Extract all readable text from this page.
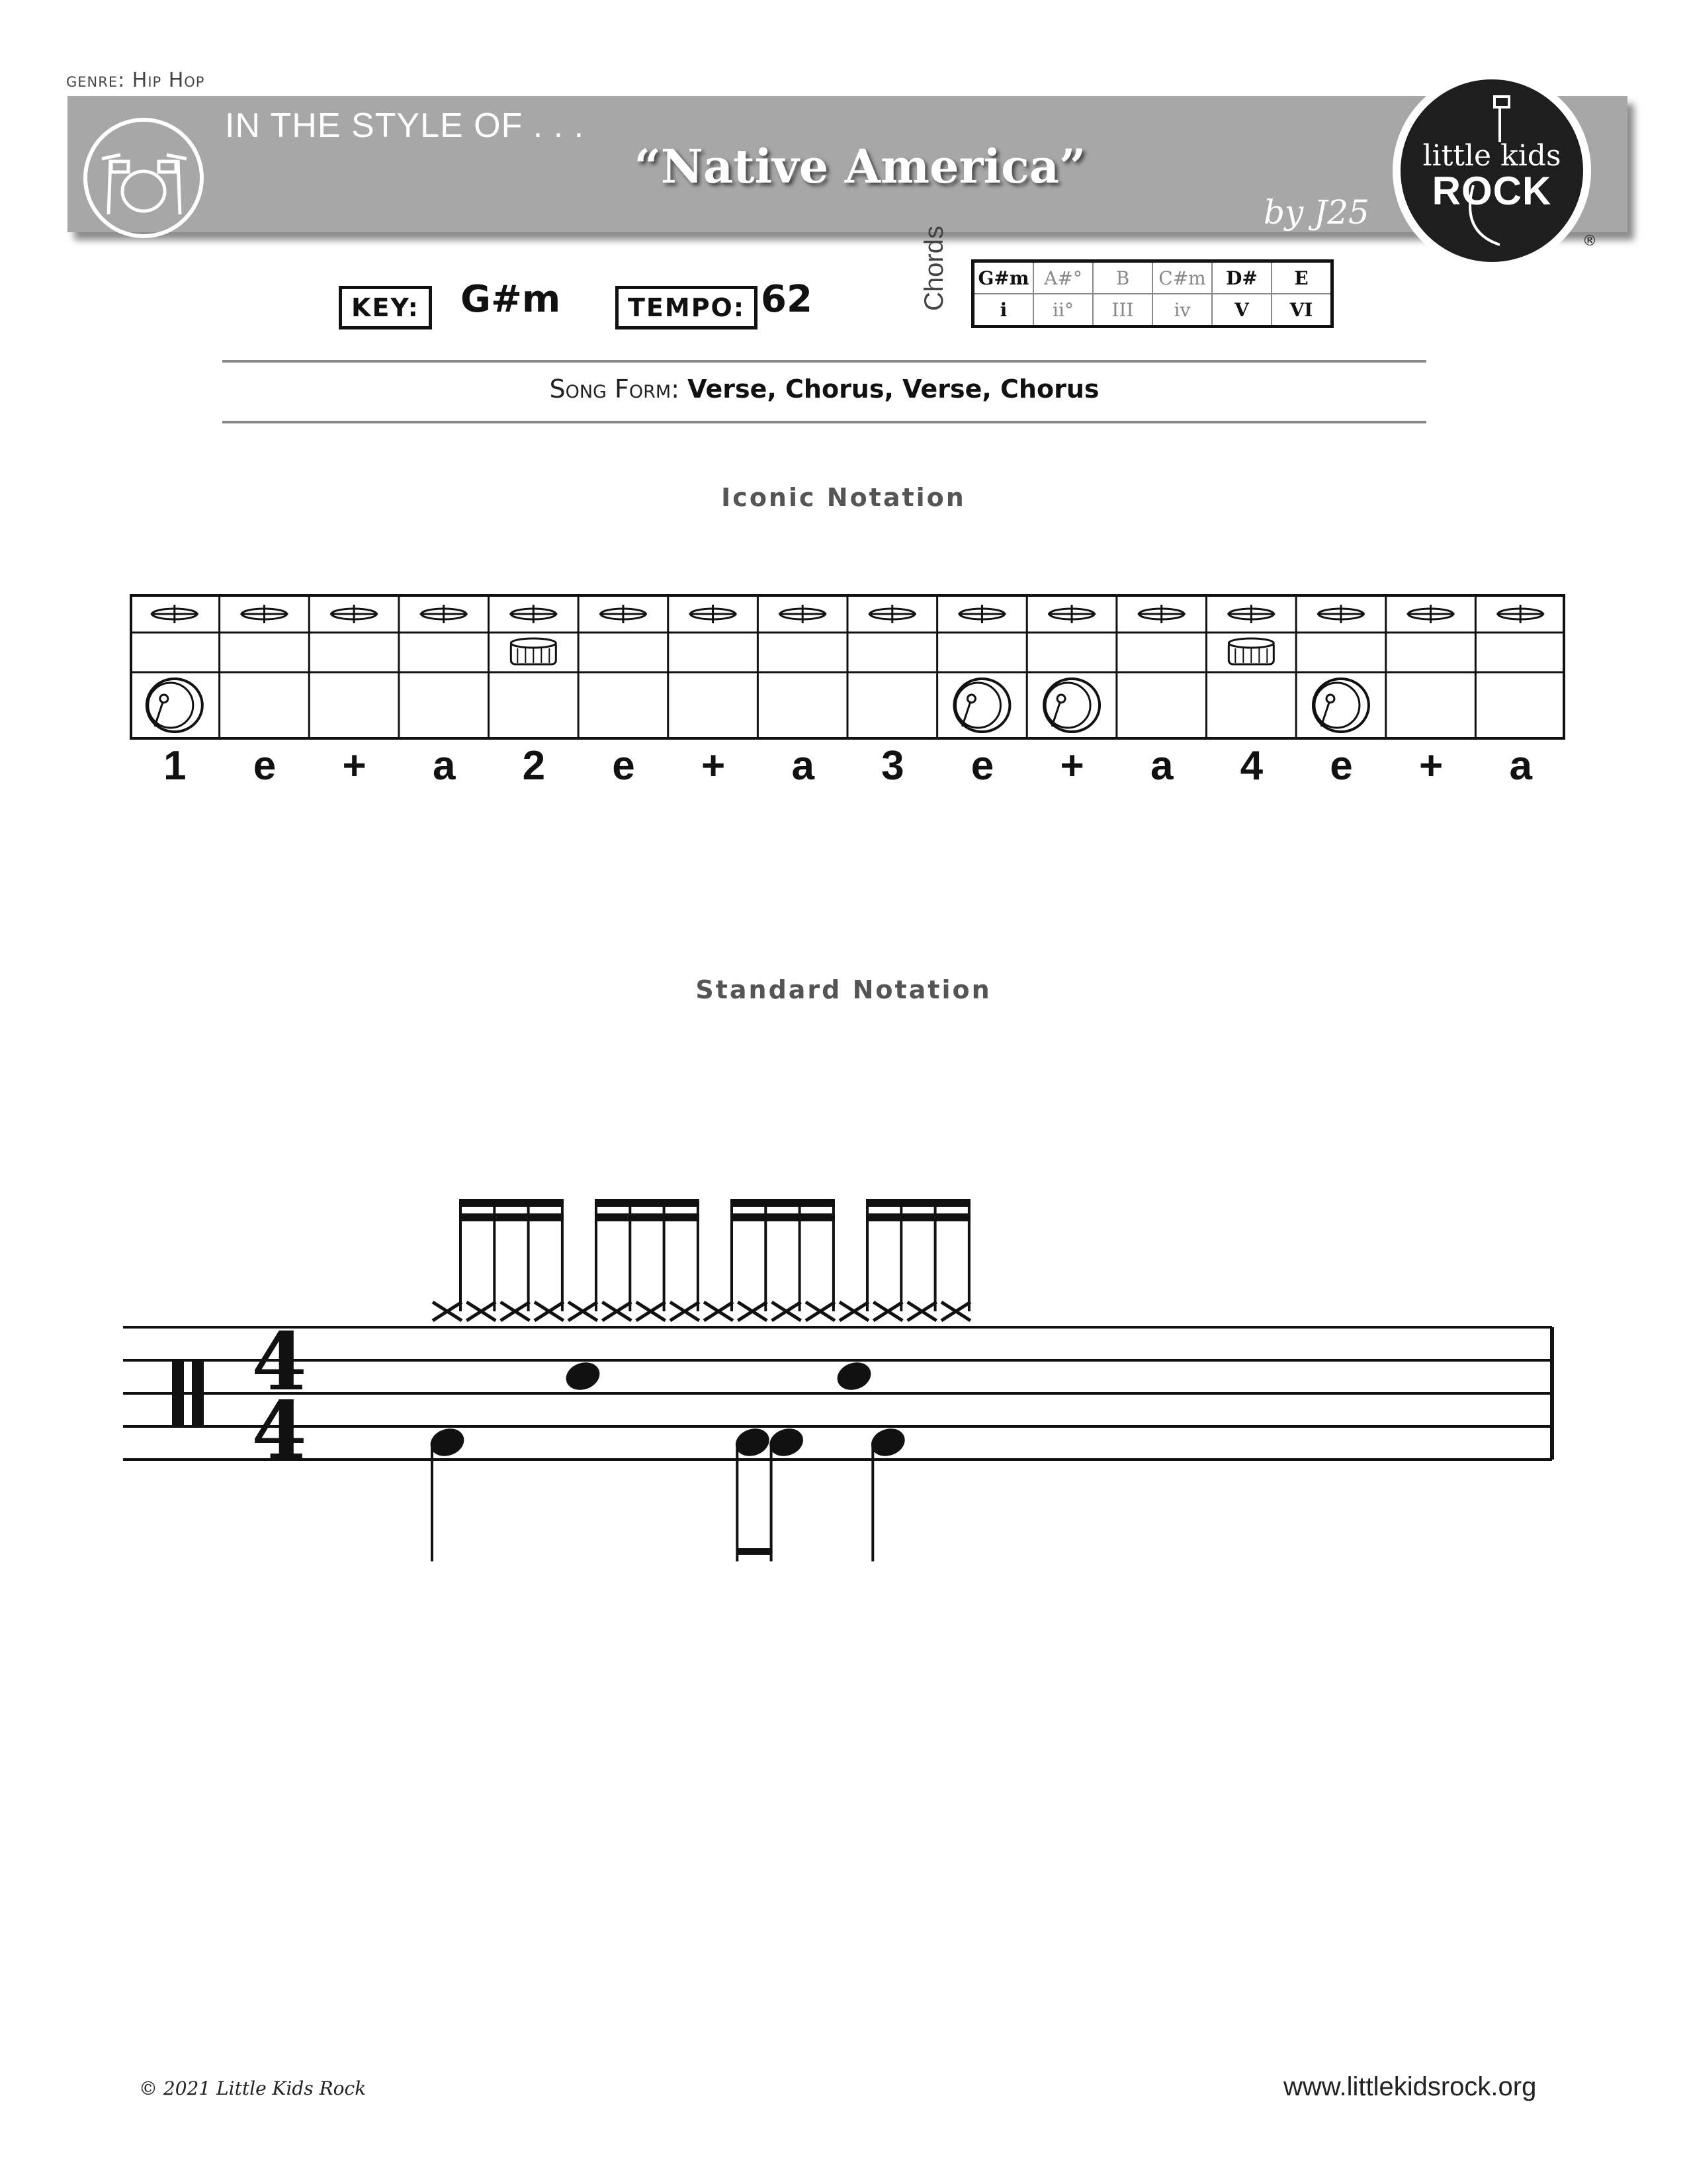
genre: Hip Hop
IN THE STYLE OF . . .
“Native America”
by J25
little kids
ROCK
®
KEY:	G#m	TEMPO: 62	Chords G#m	A#°	B	C#m	D#	E
i	ii°	III	iv	V	VI
Song Form: Verse, Chorus, Verse, Chorus
Iconic Notation
1	e	+	a	2	e	+	a	3	e	+	a	4	e	+	a
Standard Notation
4
4
© 2021 Little Kids Rock	www.littlekidsrock.org
